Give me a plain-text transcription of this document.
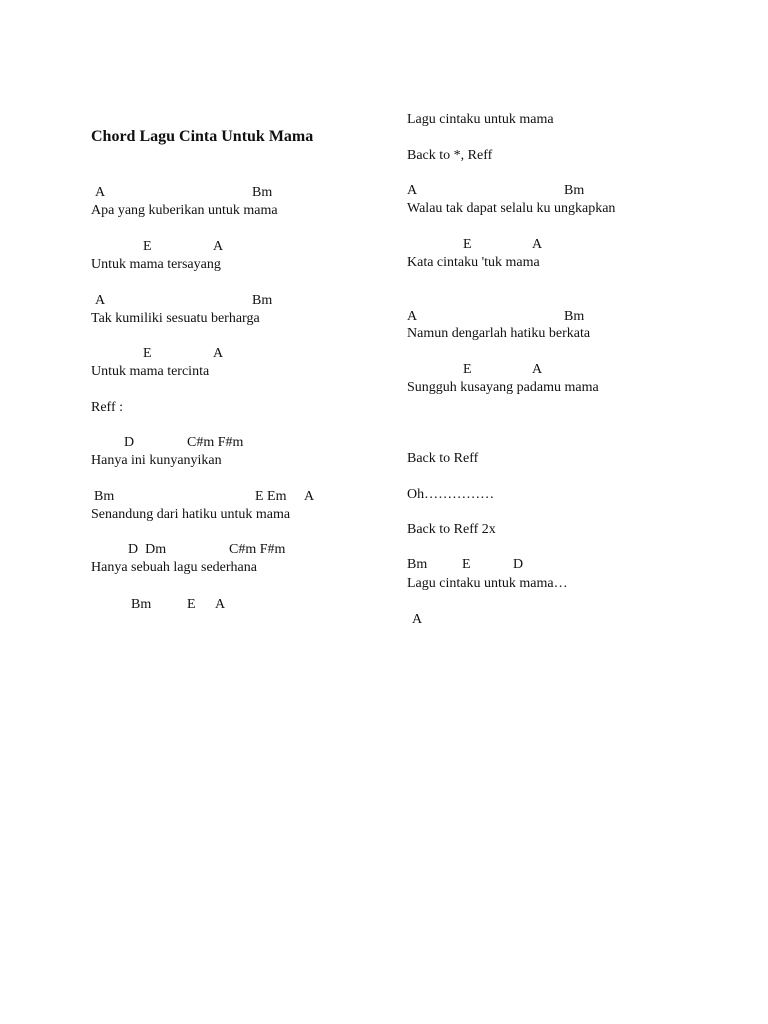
Chord Lagu Cinta Untuk Mama
A	Bm
Apa yang kuberikan untuk mama
E	A
Untuk mama tersayang
A	Bm
Tak kumiliki sesuatu berharga
E	A
Untuk mama tercinta
Reff :
D	C#m F#m
Hanya ini kunyanyikan
Bm	E Em A
Senandung dari hatiku untuk mama
D  Dm	C#m F#m
Hanya sebuah lagu sederhana
Bm	E A
Lagu cintaku untuk mama
Back to *, Reff
A	Bm
Walau tak dapat selalu ku ungkapkan
E	A
Kata cintaku 'tuk mama
A	Bm
Namun dengarlah hatiku berkata
E	A
Sungguh kusayang padamu mama
Back to Reff
Oh……………
Back to Reff 2x
Bm E	D
Lagu cintaku untuk mama…
A
